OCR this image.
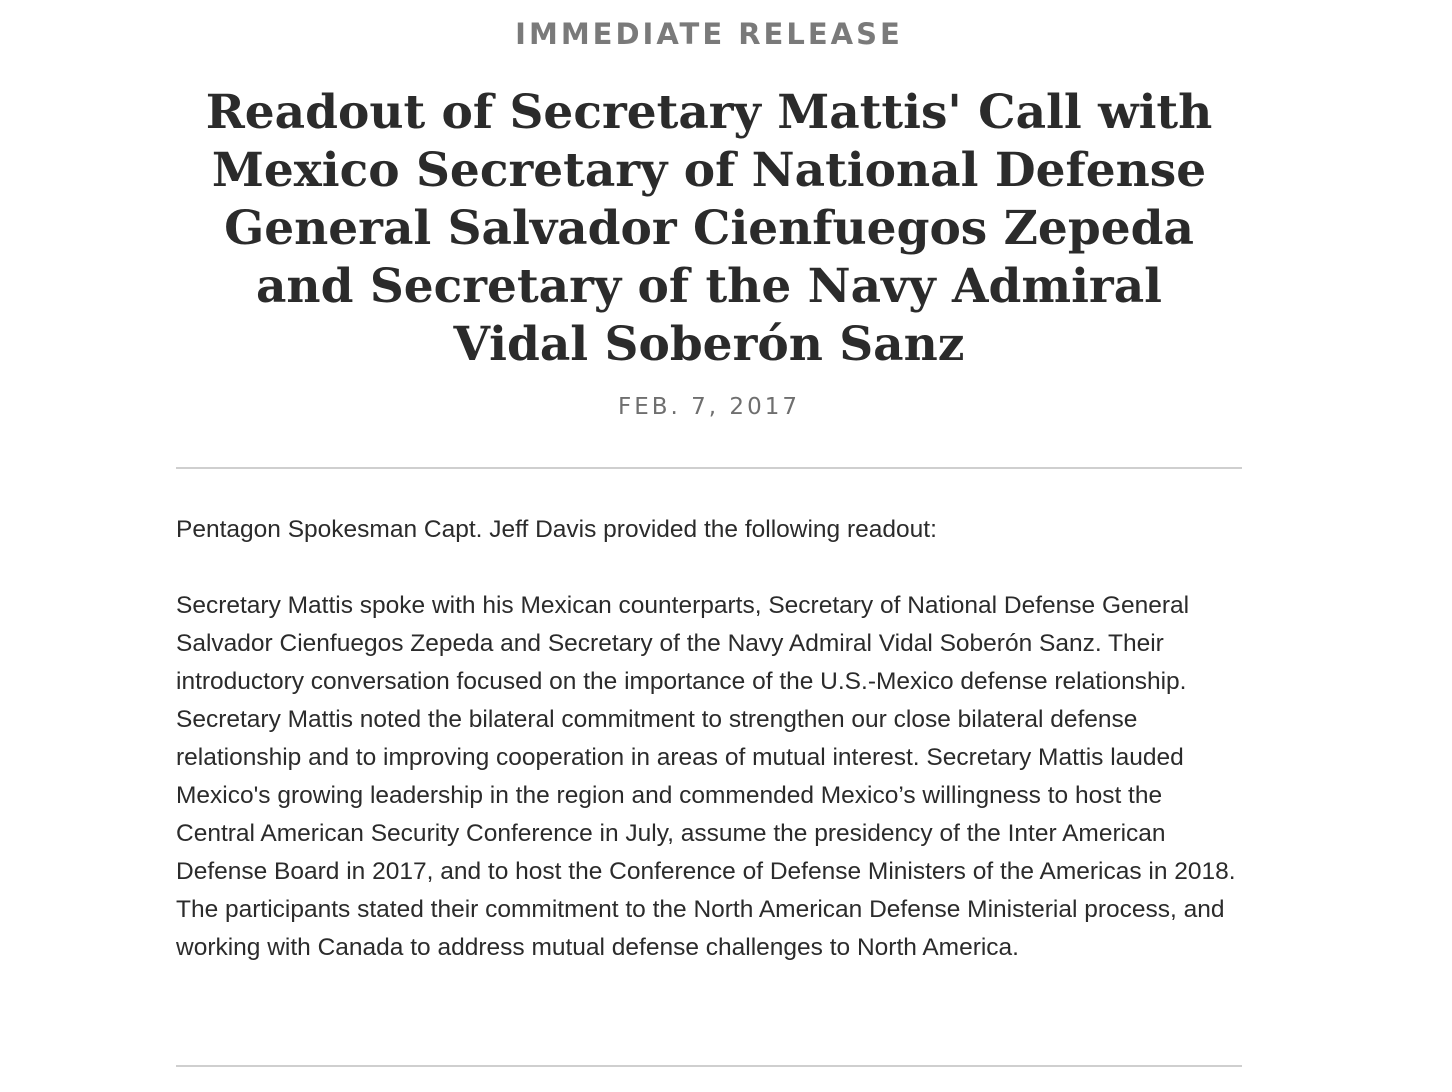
IMMEDIATE RELEASE
Readout of Secretary Mattis' Call with Mexico Secretary of National Defense General Salvador Cienfuegos Zepeda and Secretary of the Navy Admiral Vidal Soberón Sanz
FEB. 7, 2017

Pentagon Spokesman Capt. Jeff Davis provided the following readout:

Secretary Mattis spoke with his Mexican counterparts, Secretary of National Defense General Salvador Cienfuegos Zepeda and Secretary of the Navy Admiral Vidal Soberón Sanz. Their introductory conversation focused on the importance of the U.S.-Mexico defense relationship. Secretary Mattis noted the bilateral commitment to strengthen our close bilateral defense relationship and to improving cooperation in areas of mutual interest. Secretary Mattis lauded Mexico's growing leadership in the region and commended Mexico’s willingness to host the Central American Security Conference in July, assume the presidency of the Inter American Defense Board in 2017, and to host the Conference of Defense Ministers of the Americas in 2018. The participants stated their commitment to the North American Defense Ministerial process, and working with Canada to address mutual defense challenges to North America.
